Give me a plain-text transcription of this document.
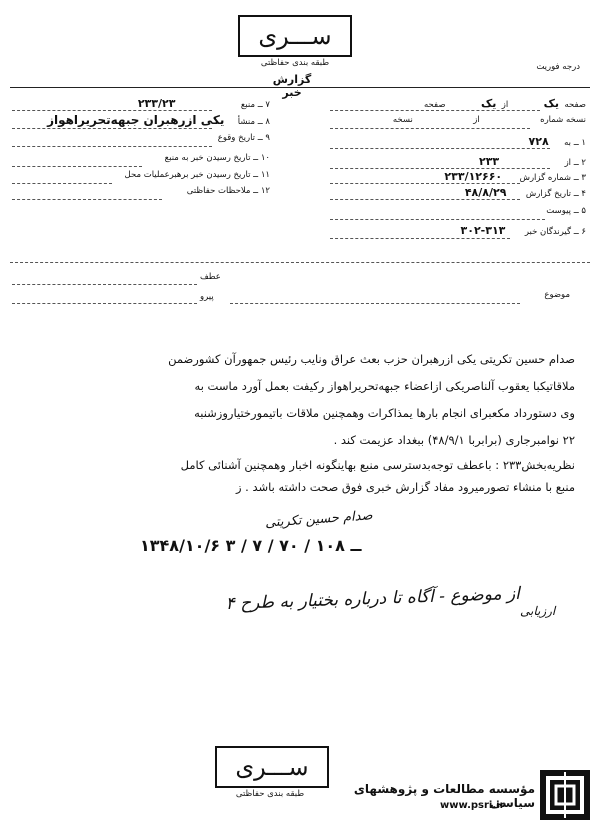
ســـری
طبقه بندی حفاظتی
گزارش خبر
درجه فوریت
صفحه  یک  از  یک  صفحه
نسخه شماره  از  نسخه
۱ ــ به  ۷۲۸
۲ ــ از  ۲۳۳
۳ ــ شماره گزارش  ۲۳۳/۱۲۶۶۰
۴ ــ تاریخ گزارش  ۴۸/۸/۲۹
۵ ــ پیوست
۶ ــ گیرندگان خبر  ۳۱۳-۳۰۲
۷ ــ منبع  ۲۳۳/۲۳
۸ ــ منشأ  یکی ازرهبران جبهه‌تحریراهواز
۹ ــ تاریخ وقوع
۱۰ ــ تاریخ رسیدن خبر به منبع
۱۱ ــ تاریخ رسیدن خبر برهبرعملیات محل
۱۲ ــ ملاحظات حفاظتی
موضوع
عطف
پیرو
صدام حسین تکریتی یکی ازرهبران حزب بعث عراق ونایب رئیس جمهورآن کشورضمن
ملاقاتیکبا یعقوب آلناصریکی ازاعضاء جبهه‌تحریراهواز رکیفت بعمل آورد ماست به
وی دستورداد مکعبرای انجام بارها یمذاکرات وهمچنین ملاقات باتیمورختیاروزشنبه
۲۲ نوامبرجاری (برابربا ۴۸/۹/۱) ببغداد عزیمت کند .
نظریه‌بخش۲۳۳ : باعطف توجه‌بدسترسی منبع بهاینگونه اخبار وهمچنین آشنائی کامل
منبع با منشاء تصورمیرود مفاد گزارش خبری فوق صحت داشته باشد . ز
صدام حسین تکریتی
۱۳۴۸/۱۰/۶ ــ ۱۰۸ / ۷۰ / ۷ / ۳
ارزیابی
از موضوع - آگاه تا درباره بختیار به طرح ۴
ســـری
طبقه بندی حفاظتی	مؤسسه مطالعات و پژوهشهای سیاسی
www.psri.ir
